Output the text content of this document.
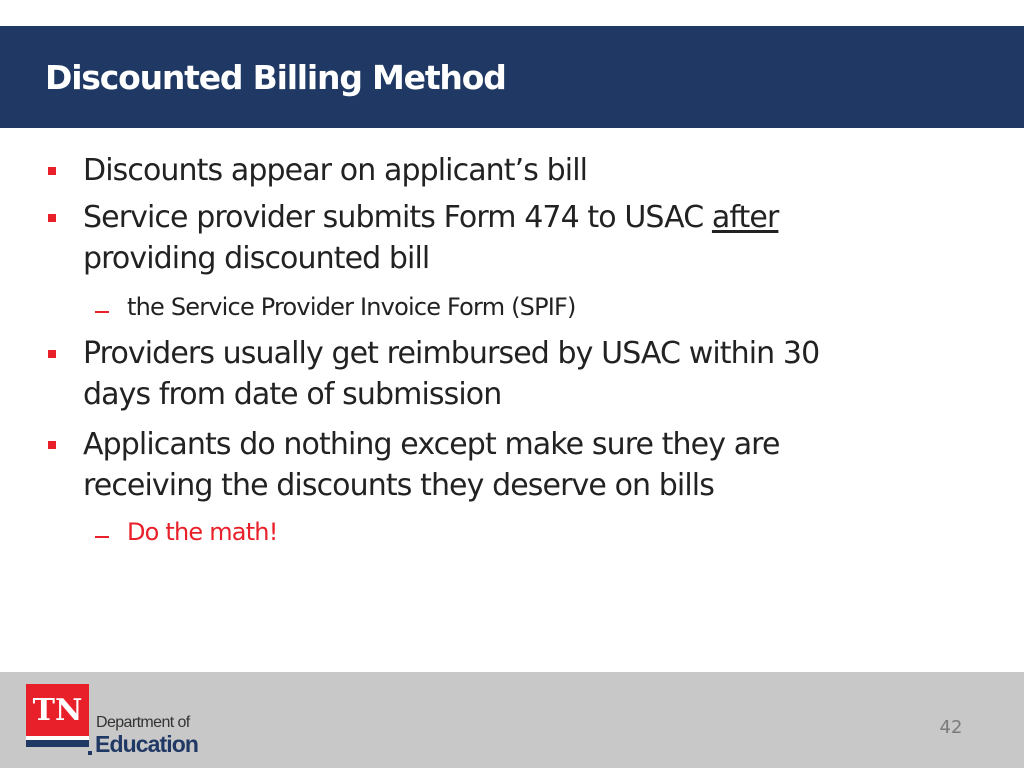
Discounted Billing Method
Discounts appear on applicant’s bill
Service provider submits Form 474 to USAC after
providing discounted bill
the Service Provider Invoice Form (SPIF)
Providers usually get reimbursed by USAC within 30
days from date of submission
Applicants do nothing except make sure they are
receiving the discounts they deserve on bills
Do the math!
TN Department of
Education
42
